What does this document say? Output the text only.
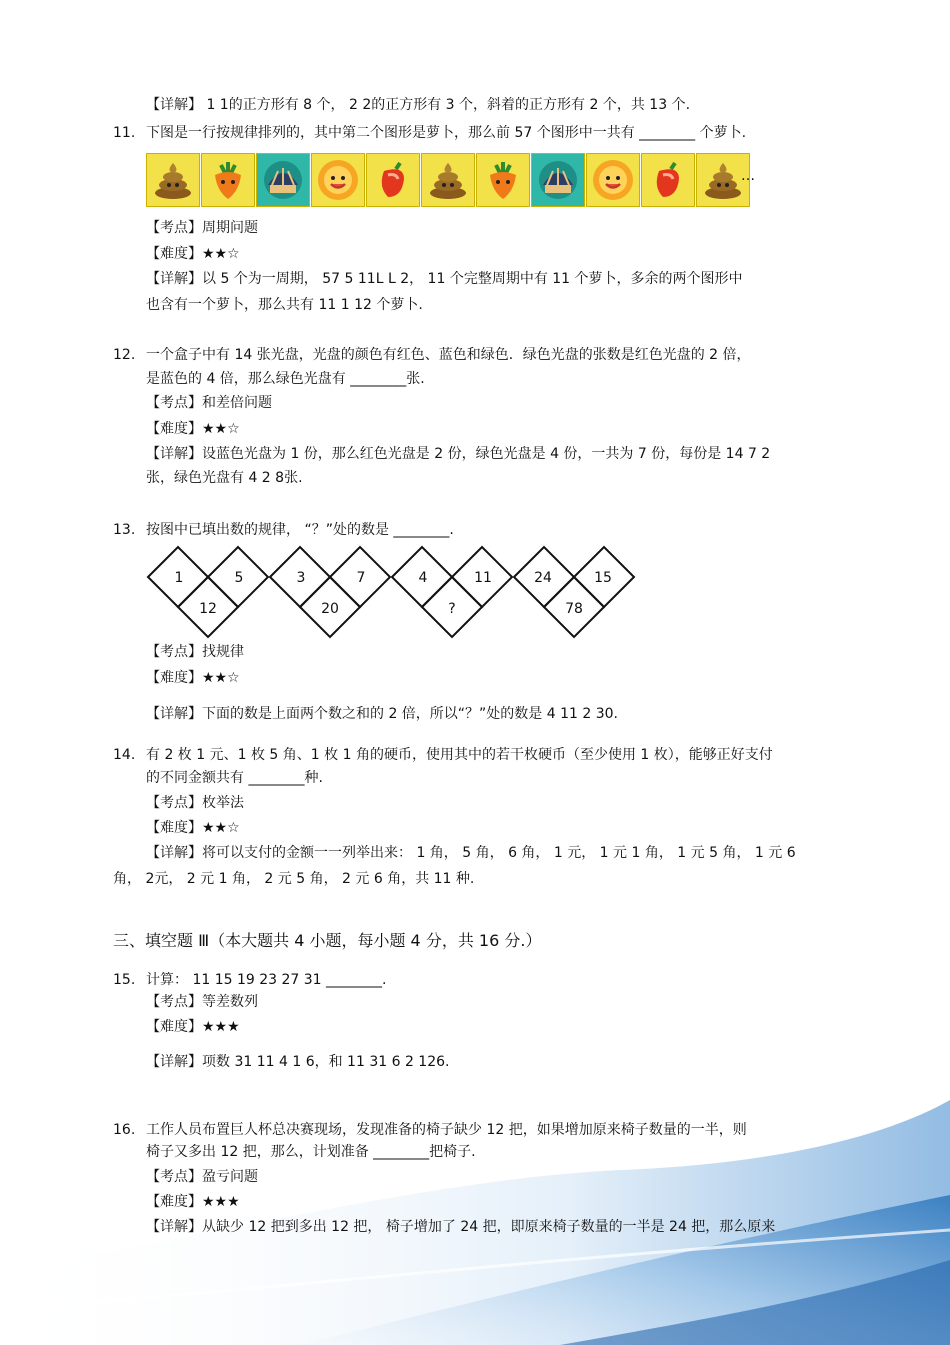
【详解】 1 1的正方形有 8 个， 2 2的正方形有 3 个，斜着的正方形有 2 个，共 13 个.
11. 下图是一行按规律排列的，其中第二个图形是萝卜，那么前 57 个图形中一共有 ________ 个萝卜.
…
【考点】周期问题
【难度】★★☆
【详解】以 5 个为一周期， 57 5 11L L 2， 11 个完整周期中有 11 个萝卜，多余的两个图形中
也含有一个萝卜，那么共有 11 1 12 个萝卜.
12. 一个盒子中有 14 张光盘，光盘的颜色有红色、蓝色和绿色．绿色光盘的张数是红色光盘的 2 倍，
是蓝色的 4 倍，那么绿色光盘有 ________张.
【考点】和差倍问题
【难度】★★☆
【详解】设蓝色光盘为 1 份，那么红色光盘是 2 份，绿色光盘是 4 份，一共为 7 份，每份是 14 7 2
张，绿色光盘有 4 2 8张.
13. 按图中已填出数的规律， “？”处的数是 ________.
1	5	3	7	4	11	24	15
12	20	?	78
【考点】找规律
【难度】★★☆
【详解】下面的数是上面两个数之和的 2 倍，所以“？”处的数是 4 11 2 30.
14. 有 2 枚 1 元、1 枚 5 角、1 枚 1 角的硬币，使用其中的若干枚硬币（至少使用 1 枚），能够正好支付
的不同金额共有 ________种.
【考点】枚举法
【难度】★★☆
【详解】将可以支付的金额一一列举出来： 1 角， 5 角， 6 角， 1 元， 1 元 1 角， 1 元 5 角， 1 元 6
角， 2元， 2 元 1 角， 2 元 5 角， 2 元 6 角，共 11 种.
三、填空题 Ⅲ（本大题共 4 小题，每小题 4 分，共 16 分.）
15. 计算： 11 15 19 23 27 31 ________.
【考点】等差数列
【难度】★★★
【详解】项数 31 11 4 1 6，和 11 31 6 2 126.
16. 工作人员布置巨人杯总决赛现场，发现准备的椅子缺少 12 把，如果增加原来椅子数量的一半，则
椅子又多出 12 把，那么，计划准备 ________把椅子.
【考点】盈亏问题
【难度】★★★
【详解】从缺少 12 把到多出 12 把， 椅子增加了 24 把，即原来椅子数量的一半是 24 把，那么原来
